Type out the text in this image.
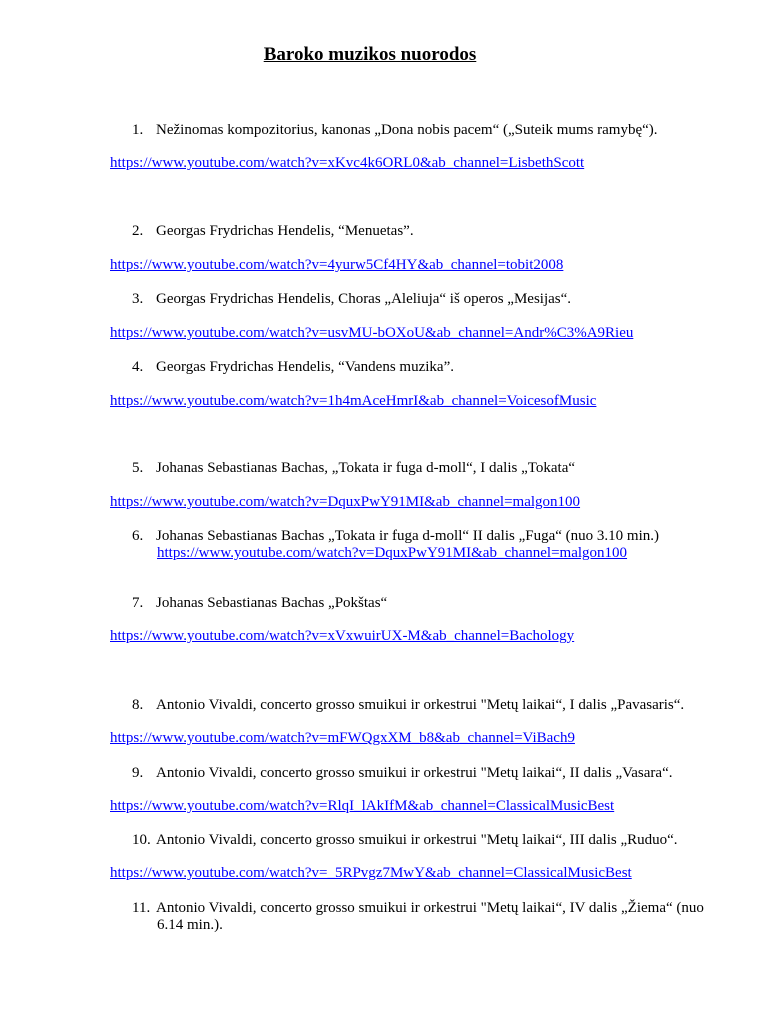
Baroko muzikos nuorodos
1. Nežinomas kompozitorius, kanonas „Dona nobis pacem“ („Suteik mums ramybę“).
https://www.youtube.com/watch?v=xKvc4k6ORL0&ab_channel=LisbethScott
2. Georgas Frydrichas Hendelis, “Menuetas”.
https://www.youtube.com/watch?v=4yurw5Cf4HY&ab_channel=tobit2008
3. Georgas Frydrichas Hendelis, Choras „Aleliuja“ iš operos „Mesijas“.
https://www.youtube.com/watch?v=usvMU-bOXoU&ab_channel=Andr%C3%A9Rieu
4. Georgas Frydrichas Hendelis, “Vandens muzika”.
https://www.youtube.com/watch?v=1h4mAceHmrI&ab_channel=VoicesofMusic
5. Johanas Sebastianas Bachas, „Tokata ir fuga d-moll“, I dalis „Tokata“
https://www.youtube.com/watch?v=DquxPwY91MI&ab_channel=malgon100
6. Johanas Sebastianas Bachas „Tokata ir fuga d-moll“ II dalis „Fuga“ (nuo 3.10 min.)
https://www.youtube.com/watch?v=DquxPwY91MI&ab_channel=malgon100
7. Johanas Sebastianas Bachas „Pokštas“
https://www.youtube.com/watch?v=xVxwuirUX-M&ab_channel=Bachology
8. Antonio Vivaldi, concerto grosso smuikui ir orkestrui "Metų laikai“, I dalis „Pavasaris“.
https://www.youtube.com/watch?v=mFWQgxXM_b8&ab_channel=ViBach9
9. Antonio Vivaldi, concerto grosso smuikui ir orkestrui "Metų laikai“, II dalis „Vasara“.
https://www.youtube.com/watch?v=RlqI_lAkIfM&ab_channel=ClassicalMusicBest
10. Antonio Vivaldi, concerto grosso smuikui ir orkestrui "Metų laikai“, III dalis „Ruduo“.
https://www.youtube.com/watch?v=_5RPvgz7MwY&ab_channel=ClassicalMusicBest
11. Antonio Vivaldi, concerto grosso smuikui ir orkestrui "Metų laikai“, IV dalis „Žiema“ (nuo
6.14 min.).
